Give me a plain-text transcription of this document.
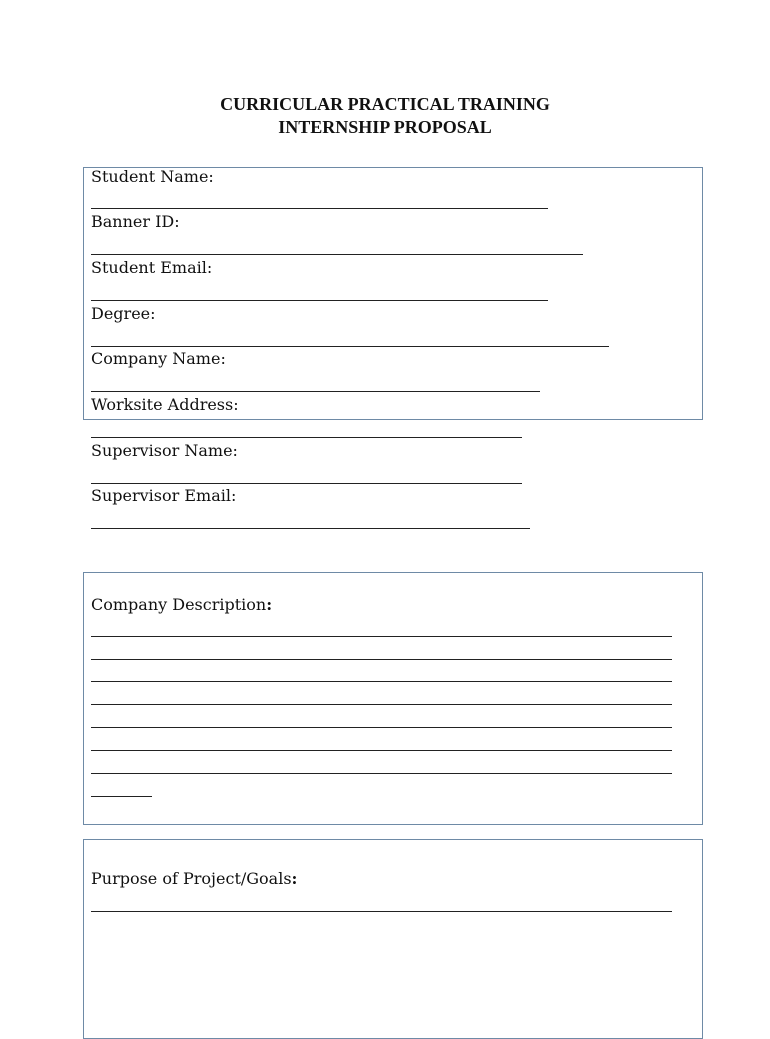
CURRICULAR PRACTICAL TRAINING
INTERNSHIP PROPOSAL
Student Name:
Banner ID:
Student Email:
Degree:
Company Name:
Worksite Address:
Supervisor Name:
Supervisor Email:
Company Description:
Purpose of Project/Goals:
